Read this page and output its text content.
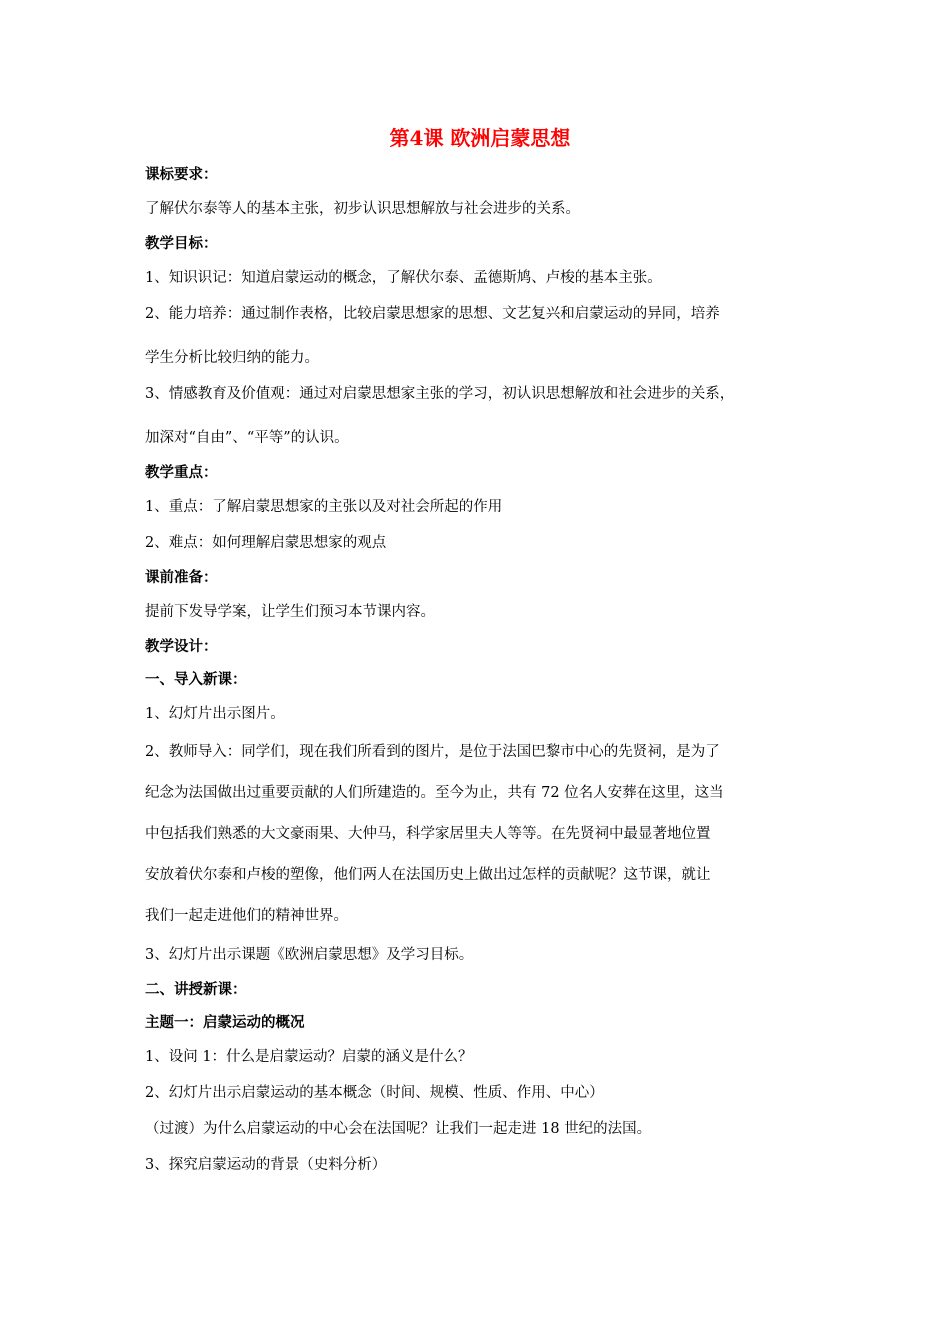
第4课 欧洲启蒙思想

课标要求：

了解伏尔泰等人的基本主张，初步认识思想解放与社会进步的关系。

教学目标：

1、知识识记：知道启蒙运动的概念，了解伏尔泰、孟德斯鸠、卢梭的基本主张。

2、能力培养：通过制作表格，比较启蒙思想家的思想、文艺复兴和启蒙运动的异同，培养

学生分析比较归纳的能力。

3、情感教育及价值观：通过对启蒙思想家主张的学习，初认识思想解放和社会进步的关系，

加深对“自由”、“平等”的认识。

教学重点：

1、重点：了解启蒙思想家的主张以及对社会所起的作用

2、难点：如何理解启蒙思想家的观点

课前准备：

提前下发导学案，让学生们预习本节课内容。

教学设计：

一、导入新课：

1、幻灯片出示图片。

2、教师导入：同学们，现在我们所看到的图片，是位于法国巴黎市中心的先贤祠，是为了

纪念为法国做出过重要贡献的人们所建造的。至今为止，共有 72 位名人安葬在这里，这当

中包括我们熟悉的大文豪雨果、大仲马，科学家居里夫人等等。在先贤祠中最显著地位置

安放着伏尔泰和卢梭的塑像，他们两人在法国历史上做出过怎样的贡献呢？这节课，就让

我们一起走进他们的精神世界。

3、幻灯片出示课题《欧洲启蒙思想》及学习目标。

二、讲授新课：

主题一：启蒙运动的概况

1、设问 1：什么是启蒙运动？启蒙的涵义是什么？

2、幻灯片出示启蒙运动的基本概念（时间、规模、性质、作用、中心）

（过渡）为什么启蒙运动的中心会在法国呢？让我们一起走进 18 世纪的法国。

3、探究启蒙运动的背景（史料分析）
